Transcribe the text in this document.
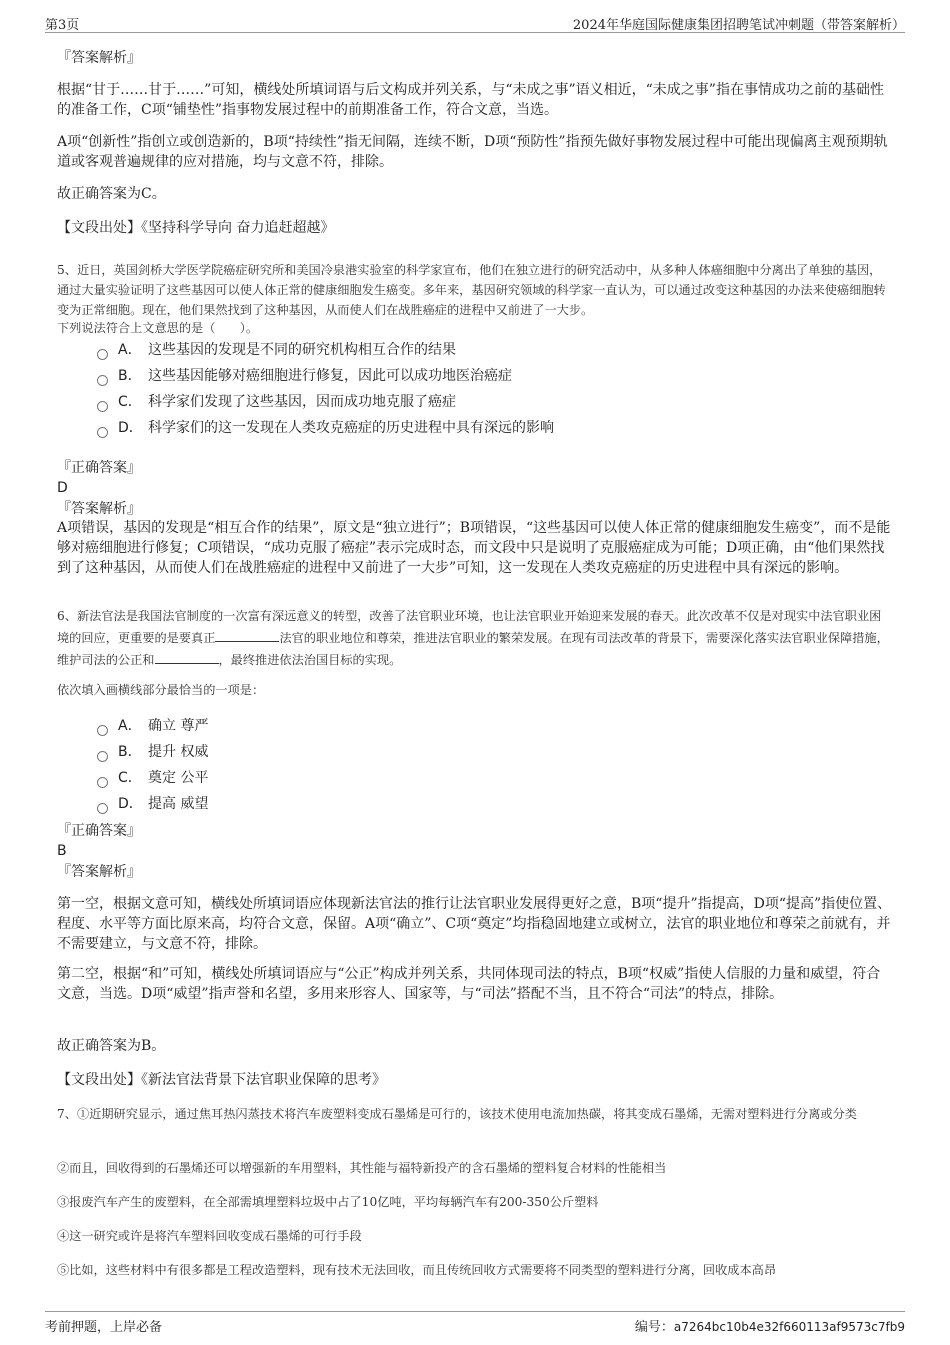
第3页	2024年华庭国际健康集团招聘笔试冲刺题（带答案解析）
『答案解析』

根据“甘于……甘于……”可知，横线处所填词语与后文构成并列关系，与“未成之事”语义相近，“未成之事”指在事情成功之前的基础性的准备工作，C项“铺垫性”指事物发展过程中的前期准备工作，符合文意，当选。

A项“创新性”指创立或创造新的，B项“持续性”指无间隔，连续不断，D项“预防性”指预先做好事物发展过程中可能出现偏离主观预期轨道或客观普遍规律的应对措施，均与文意不符，排除。

故正确答案为C。

【文段出处】《坚持科学导向 奋力追赶超越》

5、近日，英国剑桥大学医学院癌症研究所和美国冷泉港实验室的科学家宣布，他们在独立进行的研究活动中，从多种人体癌细胞中分离出了单独的基因，通过大量实验证明了这些基因可以使人体正常的健康细胞发生癌变。多年来，基因研究领域的科学家一直认为，可以通过改变这种基因的办法来使癌细胞转变为正常细胞。现在，他们果然找到了这种基因，从而使人们在战胜癌症的进程中又前进了一大步。

下列说法符合上文意思的是（　　）。

A． 这些基因的发现是不同的研究机构相互合作的结果
B． 这些基因能够对癌细胞进行修复，因此可以成功地医治癌症
C． 科学家们发现了这些基因，因而成功地克服了癌症
D． 科学家们的这一发现在人类攻克癌症的历史进程中具有深远的影响
『正确答案』
D
『答案解析』

A项错误，基因的发现是“相互合作的结果”，原文是“独立进行”；B项错误，“这些基因可以使人体正常的健康细胞发生癌变”，而不是能够对癌细胞进行修复；C项错误，“成功克服了癌症”表示完成时态，而文段中只是说明了克服癌症成为可能；D项正确，由“他们果然找到了这种基因，从而使人们在战胜癌症的进程中又前进了一大步”可知，这一发现在人类攻克癌症的历史进程中具有深远的影响。

6、新法官法是我国法官制度的一次富有深远意义的转型，改善了法官职业环境，也让法官职业开始迎来发展的春天。此次改革不仅是对现实中法官职业困境的回应，更重要的是要真正	法官的职业地位和尊荣，推进法官职业的繁荣发展。在现有司法改革的背景下，需要深化落实法官职业保障措施，维护司法的公正和	，最终推进依法治国目标的实现。

依次填入画横线部分最恰当的一项是：

A． 确立 尊严
B． 提升 权威
C． 奠定 公平
D． 提高 威望
『正确答案』
B
『答案解析』

第一空，根据文意可知，横线处所填词语应体现新法官法的推行让法官职业发展得更好之意，B项“提升”指提高，D项“提高”指使位置、程度、水平等方面比原来高，均符合文意，保留。A项“确立”、C项“奠定”均指稳固地建立或树立，法官的职业地位和尊荣之前就有，并不需要建立，与文意不符，排除。

第二空，根据“和”可知，横线处所填词语应与“公正”构成并列关系，共同体现司法的特点，B项“权威”指使人信服的力量和威望，符合文意，当选。D项“威望”指声誉和名望，多用来形容人、国家等，与“司法”搭配不当，且不符合“司法”的特点，排除。

故正确答案为B。

【文段出处】《新法官法背景下法官职业保障的思考》

7、①近期研究显示，通过焦耳热闪蒸技术将汽车废塑料变成石墨烯是可行的，该技术使用电流加热碳，将其变成石墨烯，无需对塑料进行分离或分类

②而且，回收得到的石墨烯还可以增强新的车用塑料，其性能与福特新投产的含石墨烯的塑料复合材料的性能相当

③报废汽车产生的废塑料，在全部需填埋塑料垃圾中占了10亿吨，平均每辆汽车有200-350公斤塑料

④这一研究或许是将汽车塑料回收变成石墨烯的可行手段

⑤比如，这些材料中有很多都是工程改造塑料，现有技术无法回收，而且传统回收方式需要将不同类型的塑料进行分离，回收成本高昂

考前押题，上岸必备	编号：a7264bc10b4e32f660113af9573c7fb9
